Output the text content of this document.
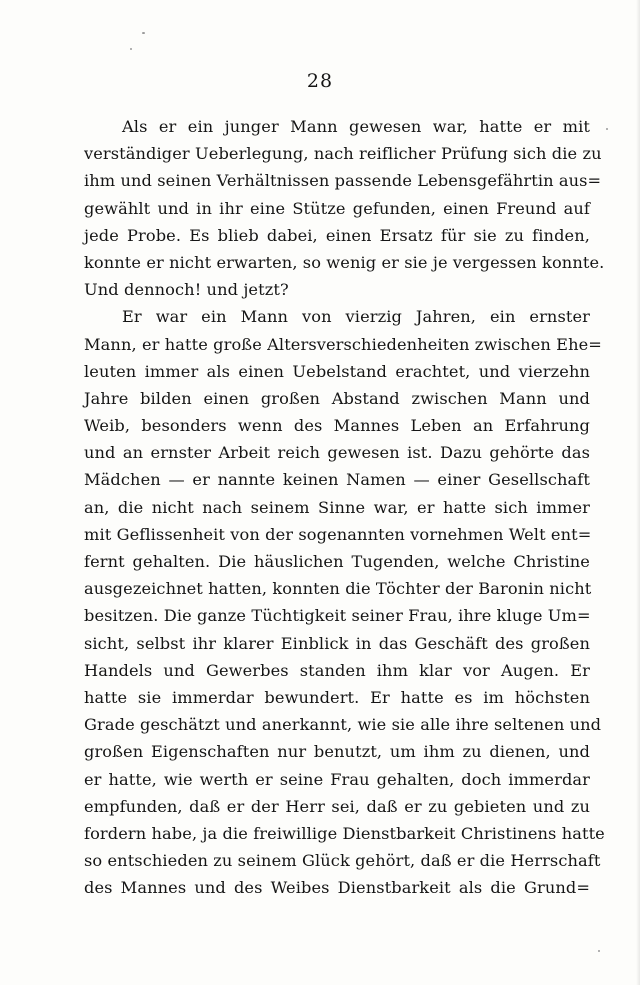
28
Als er ein junger Mann gewesen war, hatte er mit
verständiger Ueberlegung, nach reiflicher Prüfung sich die zu
ihm und seinen Verhältnissen passende Lebensgefährtin aus=
gewählt und in ihr eine Stütze gefunden, einen Freund auf
jede Probe. Es blieb dabei, einen Ersatz für sie zu finden,
konnte er nicht erwarten, so wenig er sie je vergessen konnte.
Und dennoch! und jetzt?
Er war ein Mann von vierzig Jahren, ein ernster
Mann, er hatte große Altersverschiedenheiten zwischen Ehe=
leuten immer als einen Uebelstand erachtet, und vierzehn
Jahre bilden einen großen Abstand zwischen Mann und
Weib, besonders wenn des Mannes Leben an Erfahrung
und an ernster Arbeit reich gewesen ist. Dazu gehörte das
Mädchen — er nannte keinen Namen — einer Gesellschaft
an, die nicht nach seinem Sinne war, er hatte sich immer
mit Geflissenheit von der sogenannten vornehmen Welt ent=
fernt gehalten. Die häuslichen Tugenden, welche Christine
ausgezeichnet hatten, konnten die Töchter der Baronin nicht
besitzen. Die ganze Tüchtigkeit seiner Frau, ihre kluge Um=
sicht, selbst ihr klarer Einblick in das Geschäft des großen
Handels und Gewerbes standen ihm klar vor Augen. Er
hatte sie immerdar bewundert. Er hatte es im höchsten
Grade geschätzt und anerkannt, wie sie alle ihre seltenen und
großen Eigenschaften nur benutzt, um ihm zu dienen, und
er hatte, wie werth er seine Frau gehalten, doch immerdar
empfunden, daß er der Herr sei, daß er zu gebieten und zu
fordern habe, ja die freiwillige Dienstbarkeit Christinens hatte
so entschieden zu seinem Glück gehört, daß er die Herrschaft
des Mannes und des Weibes Dienstbarkeit als die Grund=
